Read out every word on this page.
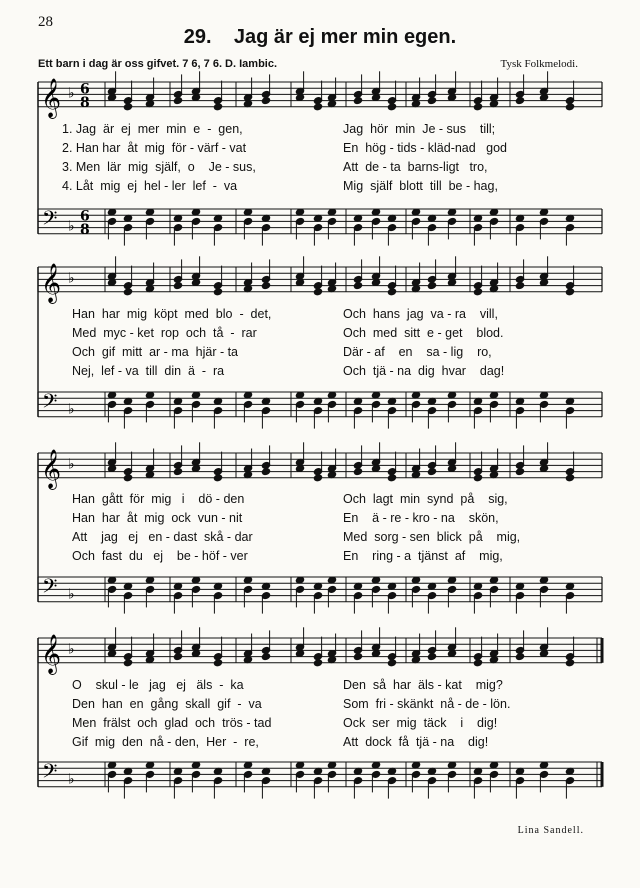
28
29. Jag är ej mer min egen.
Ett barn i dag är oss gifvet. 7 6, 7 6. D. Iambic.	Tysk Folkmelodi.
𝄞
𝄢
♭
♭
6
8
6
8
𝄞
𝄢
♭
♭
𝄞
𝄢
♭
♭
𝄞
𝄢
♭
♭
1. Jag  är  ej  mer  min  e  -  gen,	Jag  hör  min  Je - sus    till;
2. Han har  åt  mig  för - värf - vat	En  hög - tids - kläd-nad   god
3. Men  lär  mig  själf,  o    Je - sus,	Att  de - ta  barns-ligt   tro,
4. Låt  mig  ej  hel - ler  lef  -  va	Mig  själf  blott  till  be - hag,
Han  har  mig  köpt  med  blo  -  det,	Och  hans  jag  va - ra    vill,
Med  myc - ket  rop  och  tå  -  rar	Och  med  sitt  e - get    blod.
Och  gif  mitt  ar - ma  hjär - ta	Där - af    en    sa - lig    ro,
Nej,  lef - va  till  din  ä  -  ra	Och  tjä - na  dig  hvar    dag!
Han  gått  för  mig   i    dö - den	Och  lagt  min  synd  på    sig,
Han  har  åt  mig  ock  vun - nit	En    ä - re - kro - na    skön,
Att    jag   ej   en - dast  skå - dar	Med  sorg - sen  blick  på    mig,
Och  fast  du   ej    be - höf - ver	En    ring - a  tjänst  af    mig,
O    skul - le   jag   ej   äls  -  ka	Den  så  har  äls - kat    mig?
Den  han  en  gång  skall  gif  -  va	Som  fri - skänkt  nå - de - lön.
Men  frälst  och  glad  och  trös - tad	Ock  ser  mig  täck    i    dig!
Gif  mig  den  nå - den,  Her  -  re,	Att  dock  få  tjä - na    dig!
Lina Sandell.
